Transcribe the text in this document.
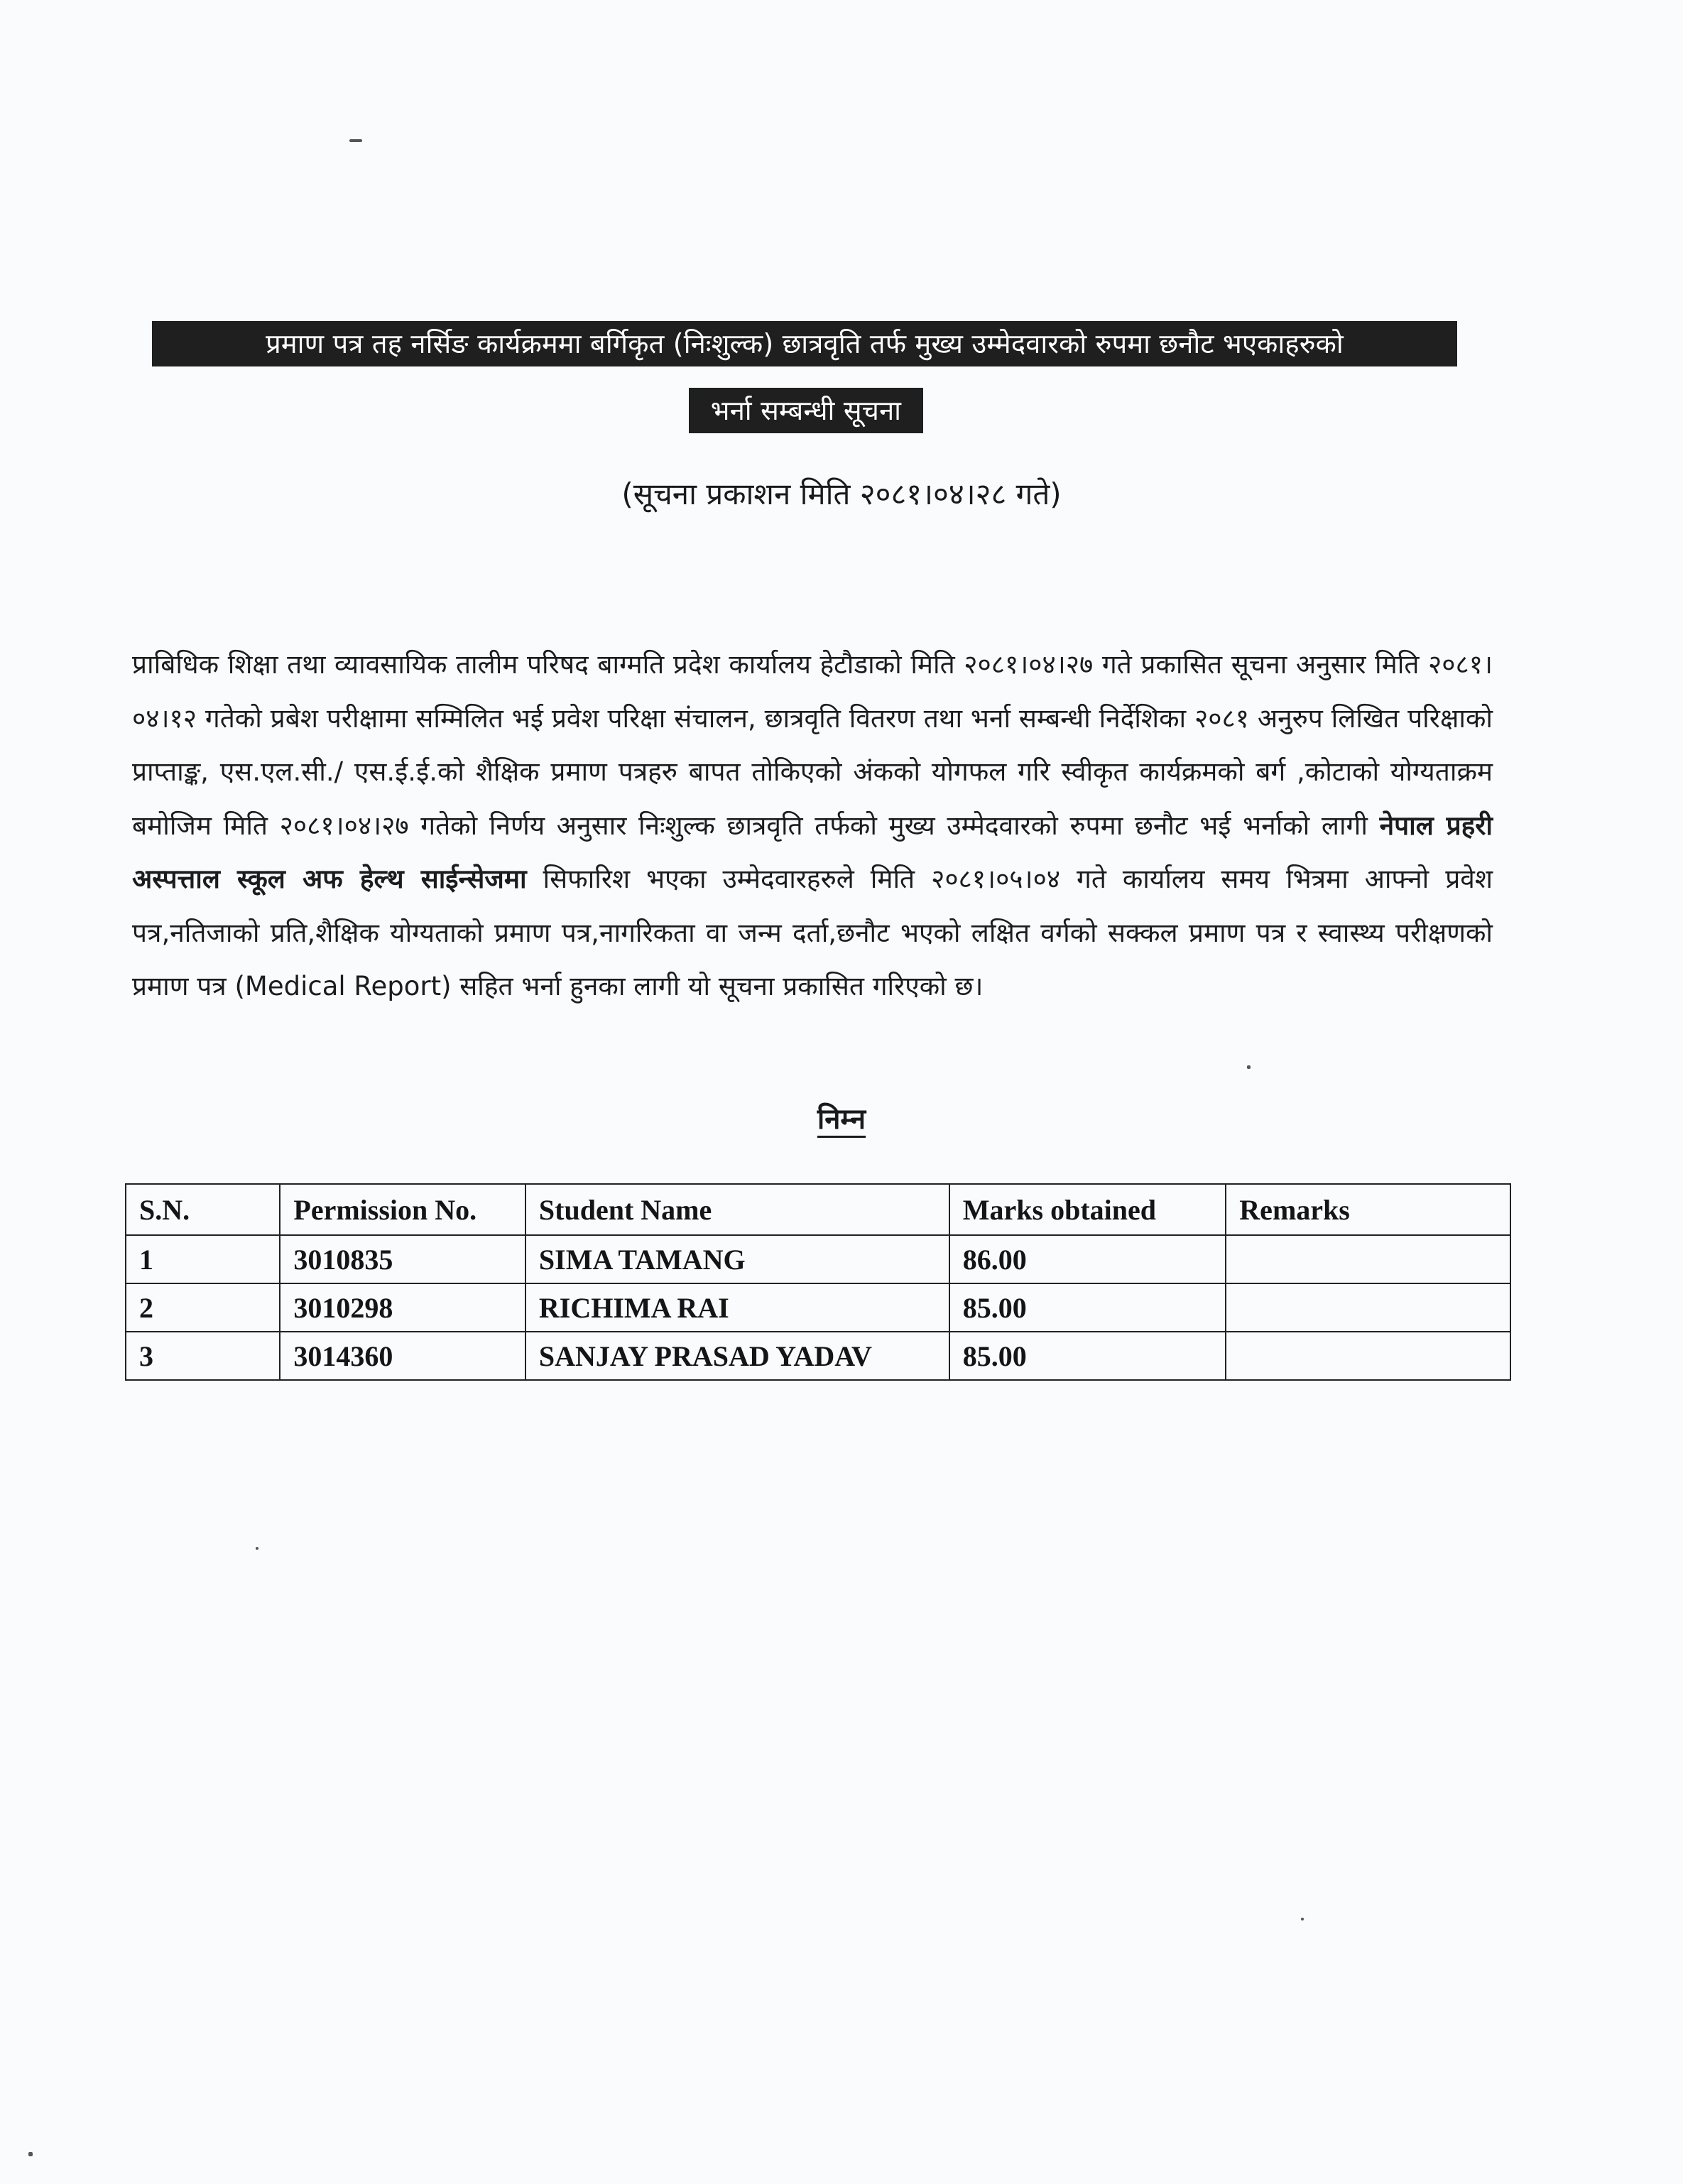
प्रमाण पत्र तह नर्सिङ कार्यक्रममा बर्गिकृत (निःशुल्क) छात्रवृति तर्फ मुख्य उम्मेदवारको रुपमा छनौट भएकाहरुको
भर्ना सम्बन्धी सूचना
(सूचना प्रकाशन मिति २०८१।०४।२८ गते)
प्राबिधिक शिक्षा तथा व्यावसायिक तालीम परिषद बाग्मति प्रदेश कार्यालय हेटौडाको मिति २०८१।०४।२७ गते प्रकासित सूचना अनुसार मिति २०८१।०४।१२ गतेको प्रबेश परीक्षामा सम्मिलित भई प्रवेश परिक्षा संचालन, छात्रवृति वितरण तथा भर्ना सम्बन्धी निर्देशिका २०८१ अनुरुप लिखित परिक्षाको प्राप्ताङ्क, एस.एल.सी./ एस.ई.ई.को शैक्षिक प्रमाण पत्रहरु बापत तोकिएको अंकको योगफल गरि स्वीकृत कार्यक्रमको बर्ग ,कोटाको योग्यताक्रम बमोजिम मिति २०८१।०४।२७ गतेको निर्णय अनुसार निःशुल्क छात्रवृति तर्फको मुख्य उम्मेदवारको रुपमा छनौट भई भर्नाको लागी नेपाल प्रहरी अस्पत्ताल स्कूल अफ हेल्थ साईन्सेजमा सिफारिश भएका उम्मेदवारहरुले मिति २०८१।०५।०४ गते कार्यालय समय भित्रमा आफ्नो प्रवेश पत्र,नतिजाको प्रति,शैक्षिक योग्यताको प्रमाण पत्र,नागरिकता वा जन्म दर्ता,छनौट भएको लक्षित वर्गको सक्कल प्रमाण पत्र र स्वास्थ्य परीक्षणको प्रमाण पत्र (Medical Report) सहित भर्ना हुनका लागी यो सूचना प्रकासित गरिएको छ।
निम्न
S.N.	Permission No.	Student Name	Marks obtained	Remarks
1	3010835	SIMA TAMANG	86.00	
2	3010298	RICHIMA RAI	85.00	
3	3014360	SANJAY PRASAD YADAV	85.00	
